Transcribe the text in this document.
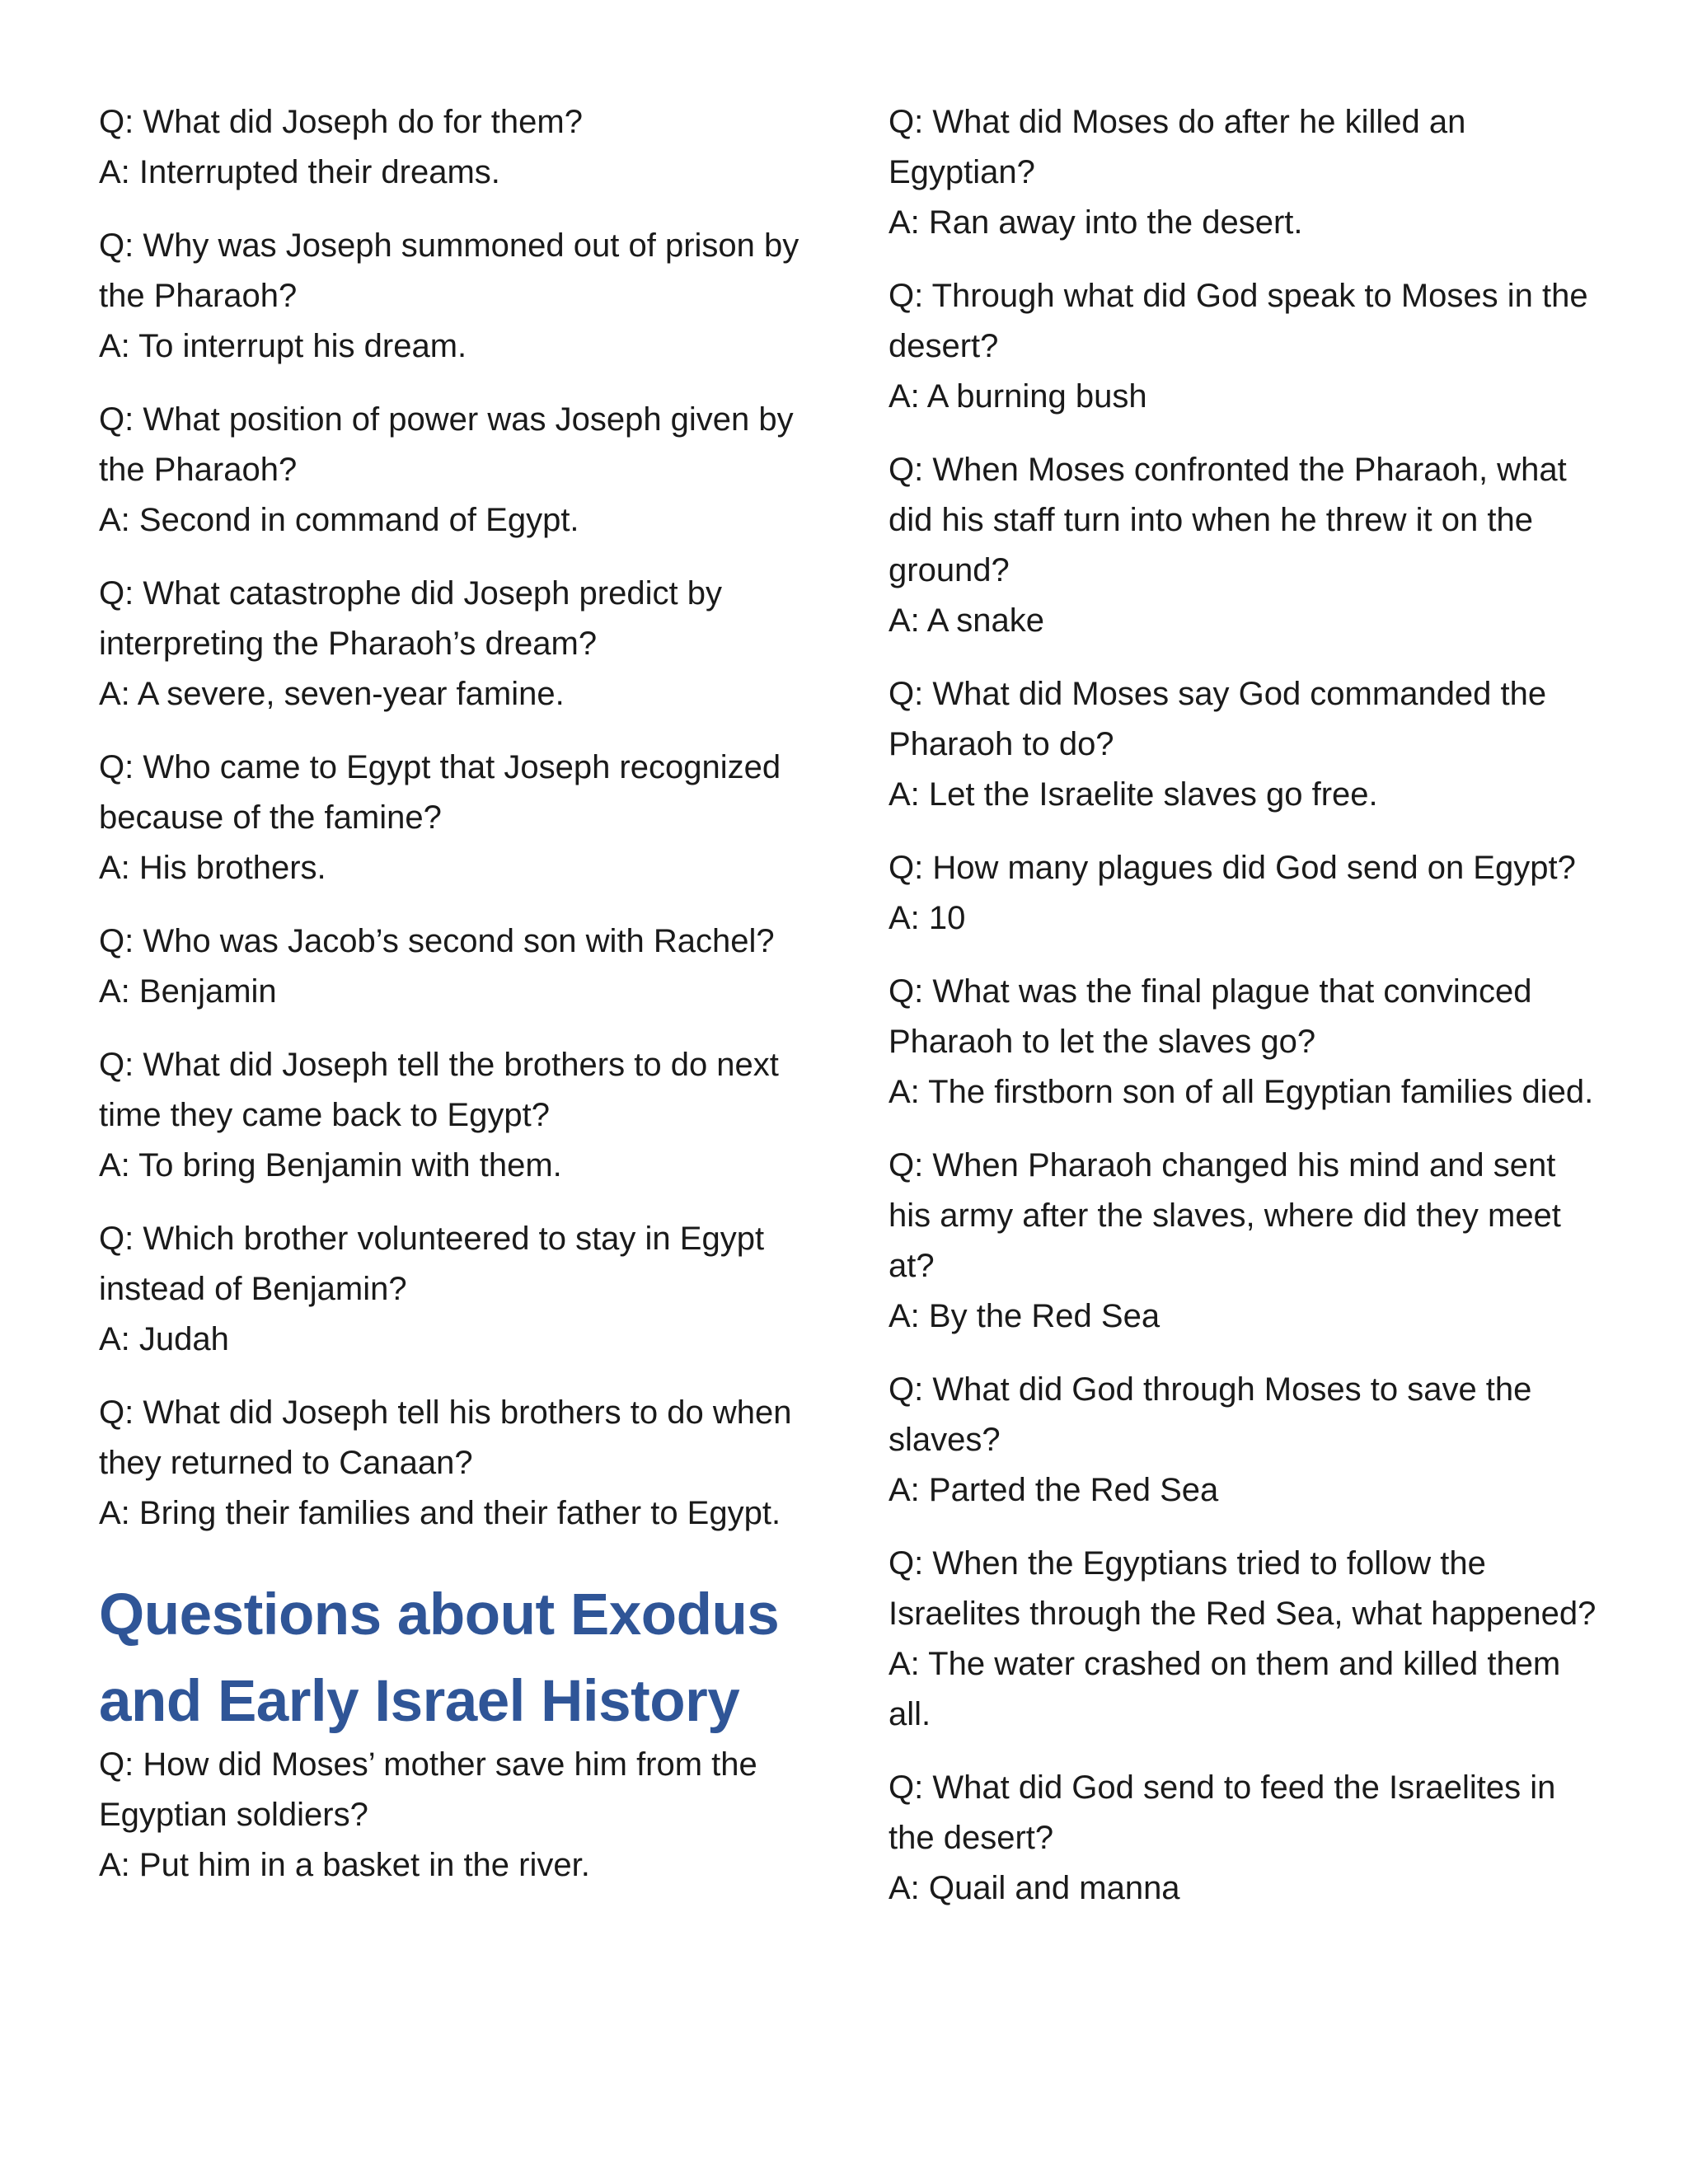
Q: What did Joseph do for them?

A: Interrupted their dreams.

Q: Why was Joseph summoned out of prison by the Pharaoh?

A: To interrupt his dream.

Q: What position of power was Joseph given by the Pharaoh?

A: Second in command of Egypt.

Q: What catastrophe did Joseph predict by interpreting the Pharaoh’s dream?

A: A severe, seven-year famine.

Q: Who came to Egypt that Joseph recognized because of the famine?

A: His brothers.

Q: Who was Jacob’s second son with Rachel?

A: Benjamin

Q: What did Joseph tell the brothers to do next time they came back to Egypt?

A: To bring Benjamin with them.

Q: Which brother volunteered to stay in Egypt instead of Benjamin?

A: Judah

Q: What did Joseph tell his brothers to do when they returned to Canaan?

A: Bring their families and their father to Egypt.

Questions about Exodus and Early Israel History

Q: How did Moses’ mother save him from the Egyptian soldiers?

A: Put him in a basket in the river.

Q: What did Moses do after he killed an Egyptian?

A: Ran away into the desert.

Q: Through what did God speak to Moses in the desert?

A: A burning bush

Q: When Moses confronted the Pharaoh, what did his staff turn into when he threw it on the ground?

A: A snake

Q: What did Moses say God commanded the Pharaoh to do?

A: Let the Israelite slaves go free.

Q: How many plagues did God send on Egypt?

A: 10

Q: What was the final plague that convinced Pharaoh to let the slaves go?

A: The firstborn son of all Egyptian families died.

Q: When Pharaoh changed his mind and sent his army after the slaves, where did they meet at?

A: By the Red Sea

Q: What did God through Moses to save the slaves?

A: Parted the Red Sea

Q: When the Egyptians tried to follow the Israelites through the Red Sea, what happened?

A: The water crashed on them and killed them all.

Q: What did God send to feed the Israelites in the desert?

A: Quail and manna
